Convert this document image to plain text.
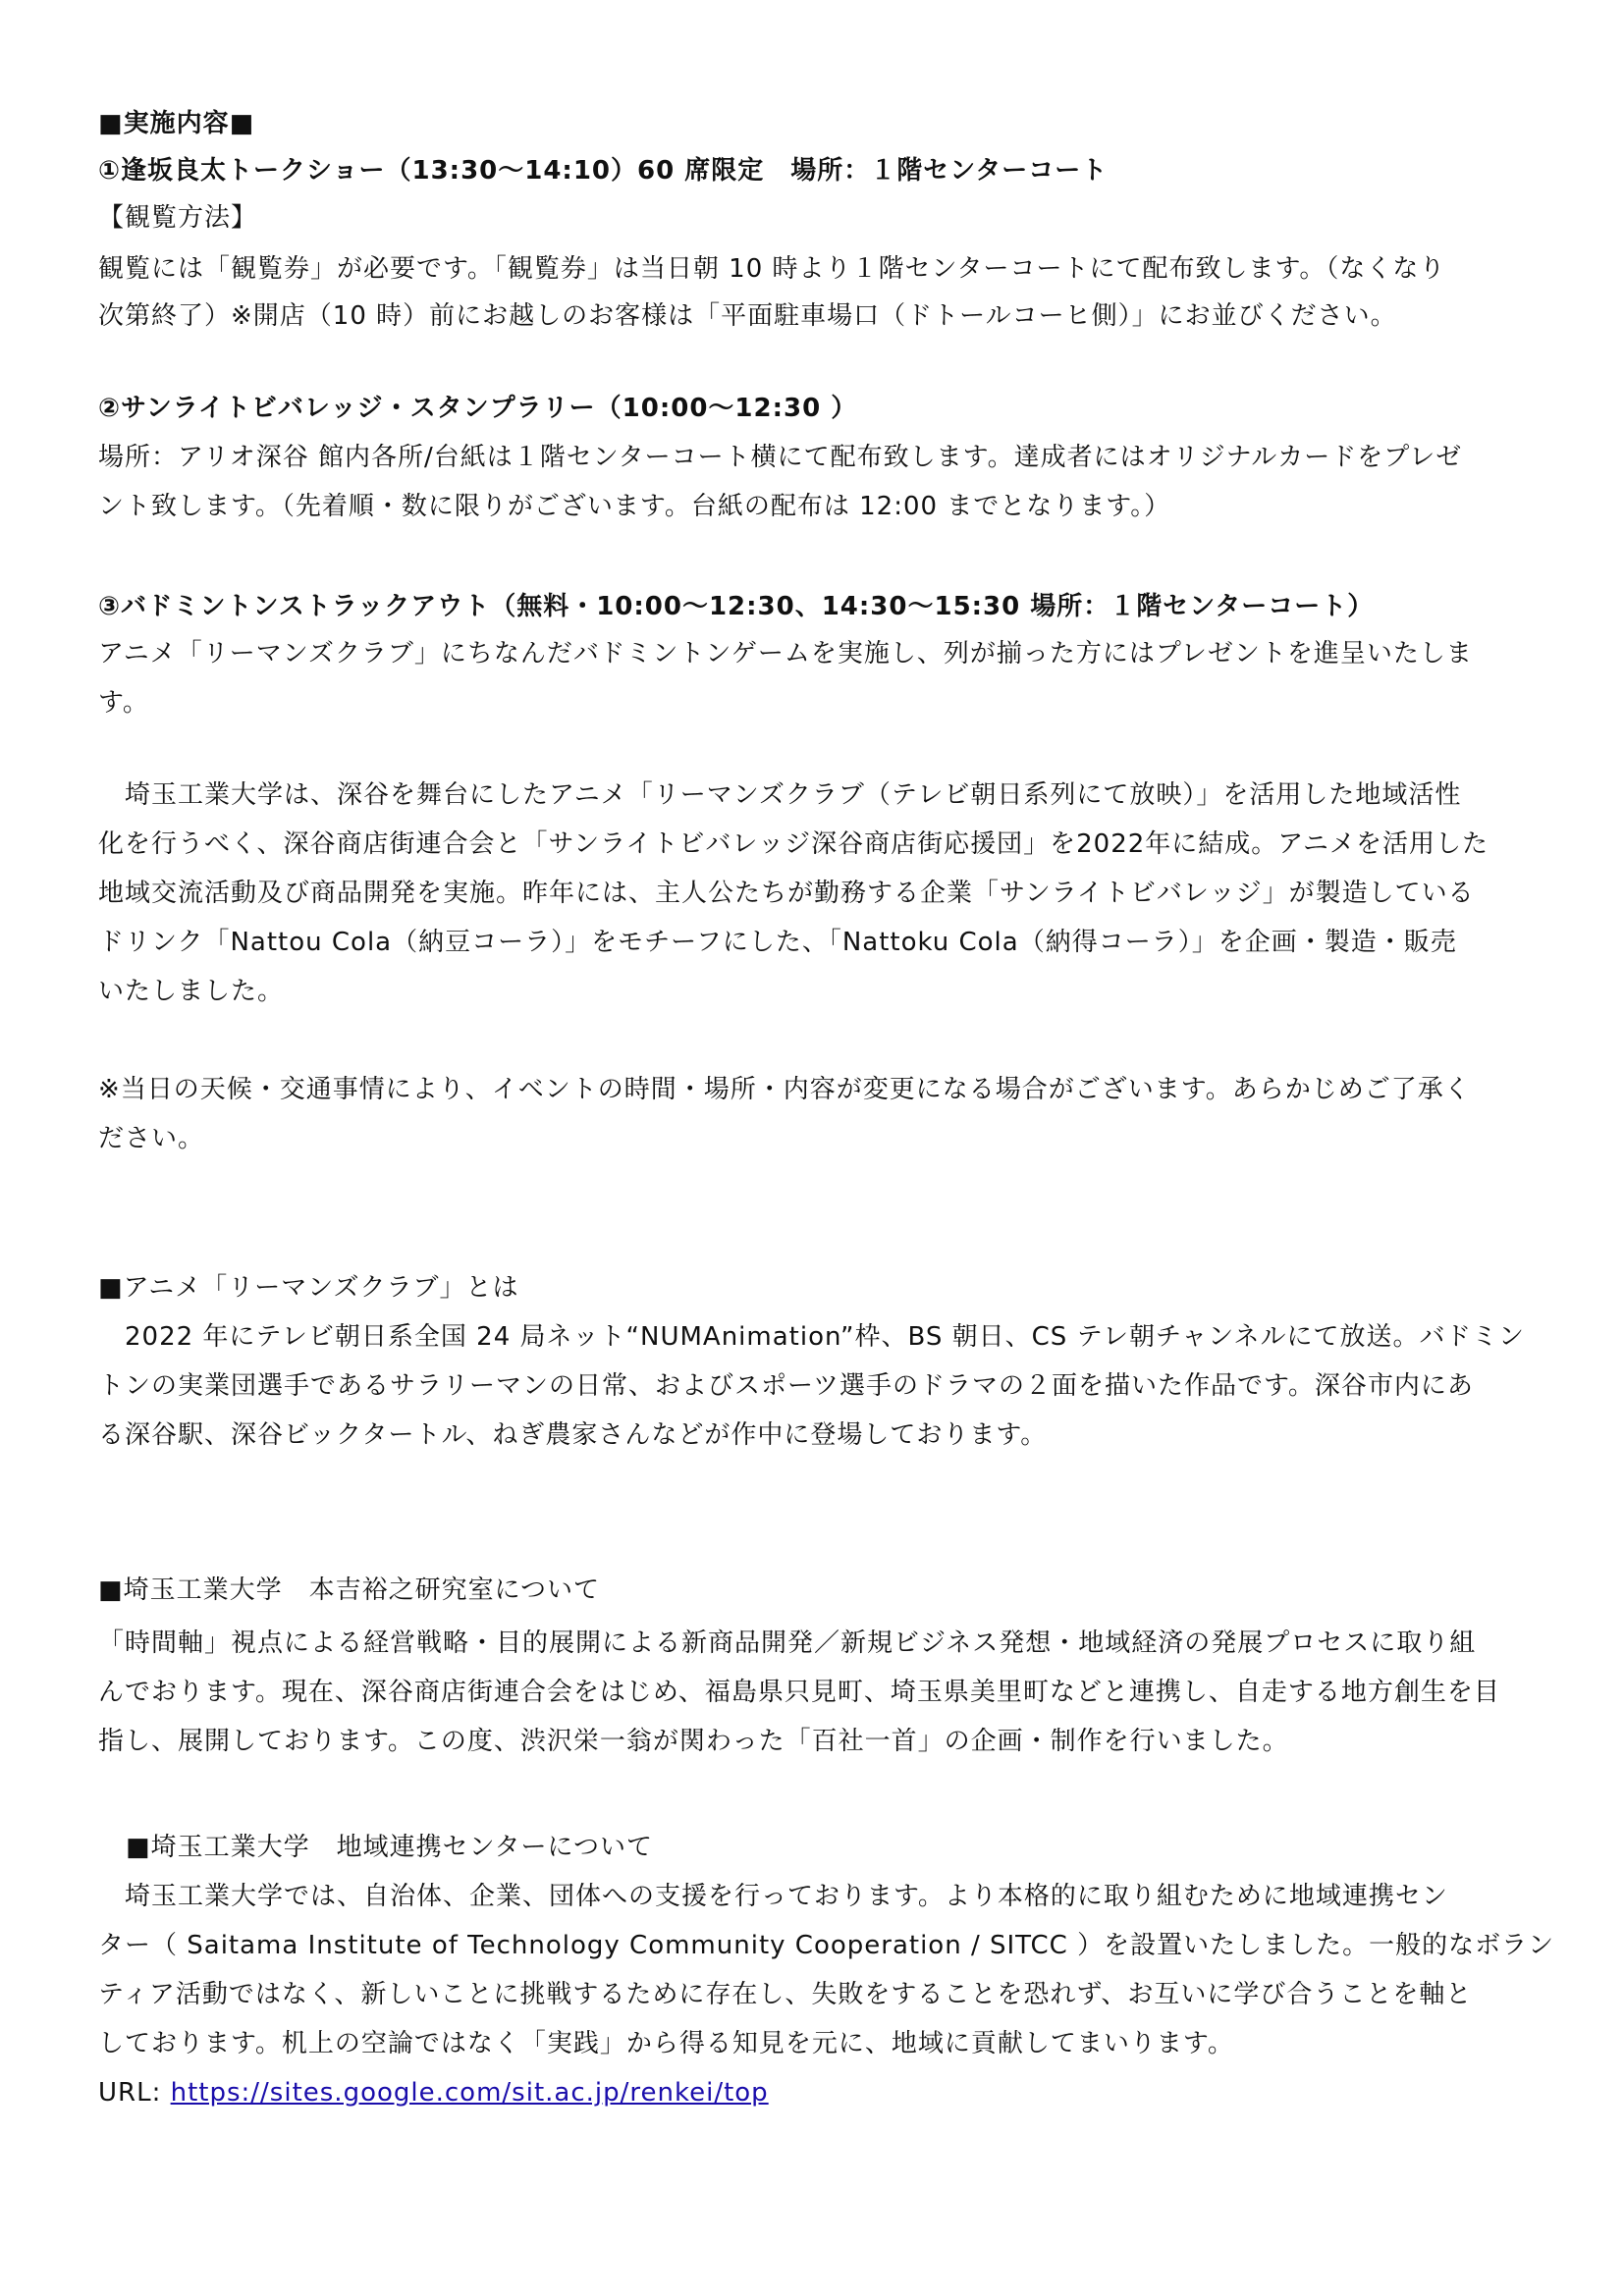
■実施内容■

①逢坂良太トークショー（13:30～14:10）60 席限定　場所：１階センターコート

【観覧方法】

観覧には「観覧券」が必要です。「観覧券」は当日朝 10 時より１階センターコートにて配布致します。（なくなり

次第終了）※開店（10 時）前にお越しのお客様は「平面駐車場口（ドトールコーヒ側）」にお並びください。

②サンライトビバレッジ・スタンプラリー（10:00～12:30 ）

場所：アリオ深谷 館内各所/台紙は１階センターコート横にて配布致します。達成者にはオリジナルカードをプレゼ

ント致します。（先着順・数に限りがございます。台紙の配布は 12:00 までとなります。）

③バドミントンストラックアウト（無料・10:00～12:30、14:30～15:30 場所：１階センターコート）

アニメ「リーマンズクラブ」にちなんだバドミントンゲームを実施し、列が揃った方にはプレゼントを進呈いたしま

す。

　埼玉工業大学は、深谷を舞台にしたアニメ「リーマンズクラブ（テレビ朝日系列にて放映）」を活用した地域活性

化を行うべく、深谷商店街連合会と「サンライトビバレッジ深谷商店街応援団」を2022年に結成。アニメを活用した

地域交流活動及び商品開発を実施。昨年には、主人公たちが勤務する企業「サンライトビバレッジ」が製造している

ドリンク「Nattou Cola（納豆コーラ）」をモチーフにした、「Nattoku Cola（納得コーラ）」を企画・製造・販売

いたしました。

※当日の天候・交通事情により、イベントの時間・場所・内容が変更になる場合がございます。あらかじめご了承く

ださい。

■アニメ「リーマンズクラブ」とは

　2022 年にテレビ朝日系全国 24 局ネット“NUMAnimation”枠、BS 朝日、CS テレ朝チャンネルにて放送。バドミン

トンの実業団選手であるサラリーマンの日常、およびスポーツ選手のドラマの２面を描いた作品です。深谷市内にあ

る深谷駅、深谷ビックタートル、ねぎ農家さんなどが作中に登場しております。

■埼玉工業大学　本吉裕之研究室について

「時間軸」視点による経営戦略・目的展開による新商品開発／新規ビジネス発想・地域経済の発展プロセスに取り組

んでおります。現在、深谷商店街連合会をはじめ、福島県只見町、埼玉県美里町などと連携し、自走する地方創生を目

指し、展開しております。この度、渋沢栄一翁が関わった「百社一首」の企画・制作を行いました。

■埼玉工業大学　地域連携センターについて

　埼玉工業大学では、自治体、企業、団体への支援を行っております。より本格的に取り組むために地域連携セン

ター（ Saitama Institute of Technology Community Cooperation / SITCC ）を設置いたしました。一般的なボラン

ティア活動ではなく、新しいことに挑戦するために存在し、失敗をすることを恐れず、お互いに学び合うことを軸と

しております。机上の空論ではなく「実践」から得る知見を元に、地域に貢献してまいります。

URL: https://sites.google.com/sit.ac.jp/renkei/top
